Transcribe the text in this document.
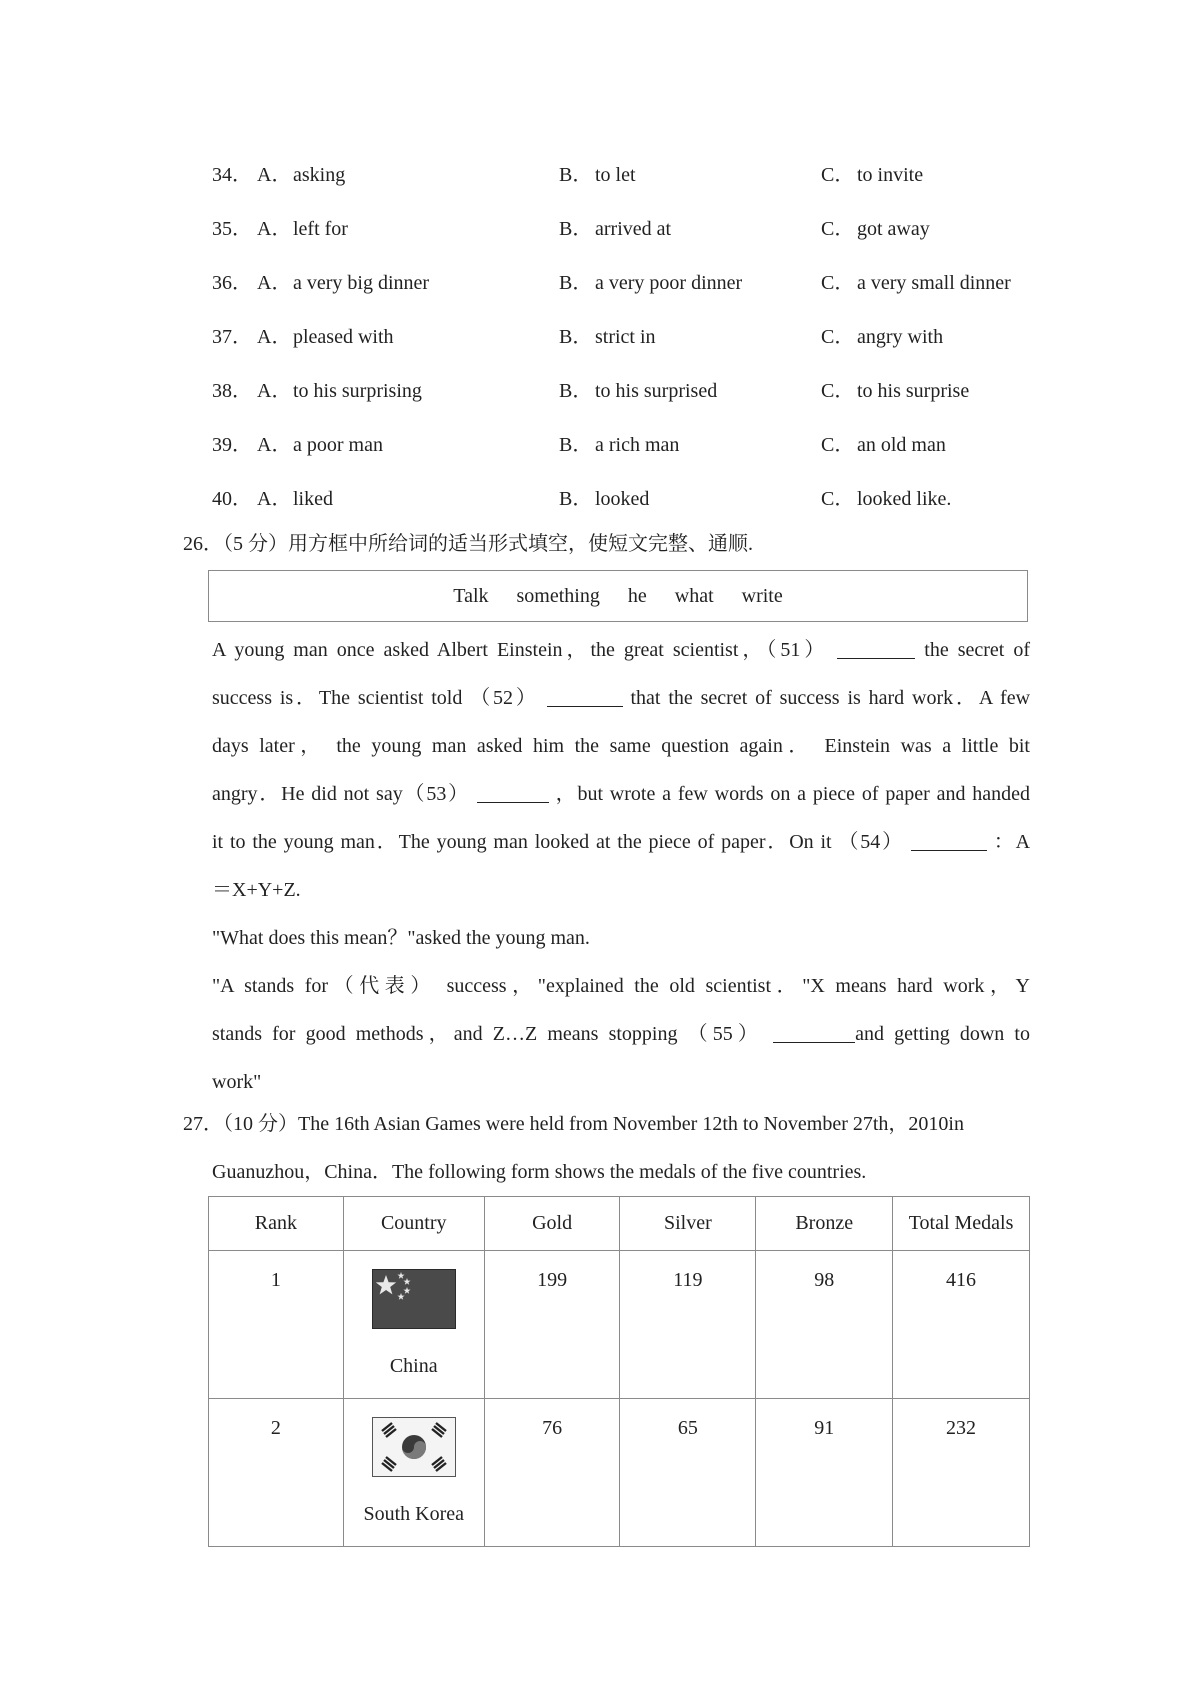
34． A． asking	B． to let	C． to invite
35． A． left for	B． arrived at	C． got away
36． A． a very big dinner	B． a very poor dinner	C． a very small dinner
37． A． pleased with	B． strict in	C． angry with
38． A． to his surprising	B． to his surprised	C． to his surprise
39． A． a poor man	B． a rich man	C． an old man
40． A． liked	B． looked	C． looked like.
26．（5 分）用方框中所给词的适当形式填空，使短文完整、通顺.
Talk something he what write
A young man once asked Albert Einstein，the great scientist，（51）	the secret of
success is．The scientist told （52）	that the secret of success is hard work．A few
days later， the young man asked him the same question again． Einstein was a little bit
angry．He did not say（53）	，but wrote a few words on a piece of paper and handed
it to the young man．The young man looked at the piece of paper．On it （54）	：A
＝X+Y+Z.
"What does this mean？"asked the young man.
"A stands for（代表） success，"explained the old scientist．"X means hard work，Y
stands for good methods，and Z…Z means stopping （55）	and getting down to
work"
27．（10 分）The 16th Asian Games were held from November 12th to November 27th，2010in
Guanuzhou，China．The following form shows the medals of the five countries.
Rank	Country	Gold	Silver	Bronze	Total Medals
1	China	199	119	98	416
2	South Korea	76	65	91	232
